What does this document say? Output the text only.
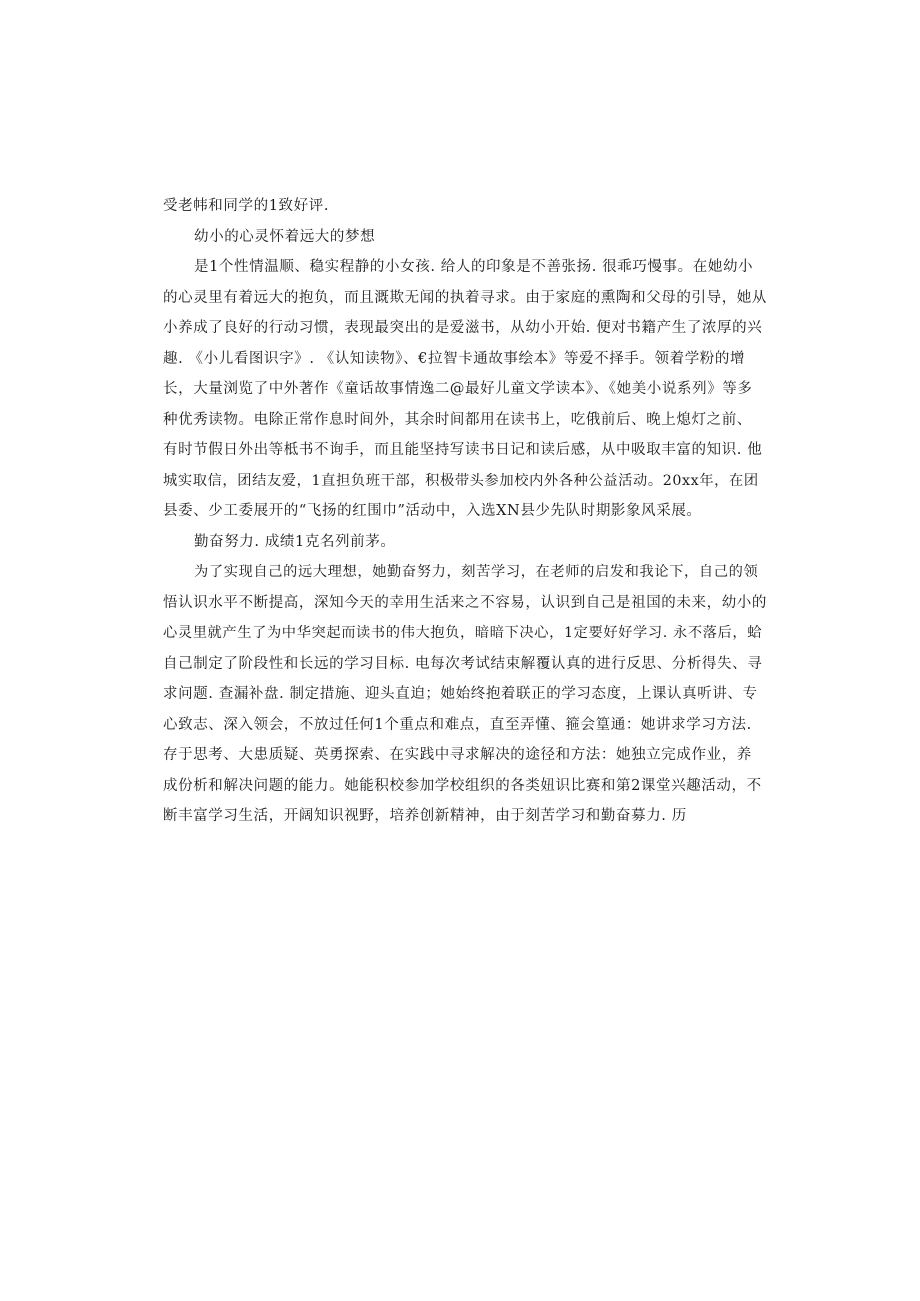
受老帏和同学的1致好评.
幼小的心灵怀着远大的梦想
是1个性情温顺、稳实程静的小女孩. 给人的印象是不善张扬. 很乖巧慢事。在她幼小
的心灵里有着远大的抱负，而且溉欺无闻的执着寻求。由于家庭的熏陶和父母的引导，她从
小养成了良好的行动习惯，表现最突出的是爱滋书，从幼小开始. 便对书籍产生了浓厚的兴
趣. 《小儿看图识字》. 《认知读物》、€拉智卡通故事绘本》等爱不择手。领着学粉的增
长，大量浏览了中外著作《童话故事情逸二@最好儿童文学读本》、《她美小说系列》等多
种优秀读物。电除正常作息时间外，其余时间都用在读书上，吃俄前后、晚上熄灯之前、
有时节假日外出等柢书不询手，而且能坚持写读书日记和读后感，从中吸取丰富的知识. 他
城实取信，团结友爱，1直担负班干部，积极带头参加校内外各种公益活动。20xx年，在团
县委、少工委展开的“飞扬的红围巾”活动中，入选XN县少先队时期影象风采展。
勤奋努力. 成绩1克名列前茅。
为了实现自己的远大理想，她勤奋努力，刻苦学习，在老师的启发和我论下，自己的领
悟认识水平不断提高，深知今天的幸用生活来之不容易，认识到自己是祖国的未来，幼小的
心灵里就产生了为中华突起而读书的伟大抱负，暗暗下决心，1定要好好学习. 永不落后，蛤
自己制定了阶段性和长远的学习目标. 电每次考试结束解覆认真的进行反思、分析得失、寻
求问题. 查漏补盘. 制定措施、迎头直迫；她始终抱着联正的学习态度，上课认真听讲、专
心致志、深入领会，不放过任何1个重点和难点，直至弄懂、箍会篁通：她讲求学习方法.
存于思考、大患质疑、英勇探索、在实践中寻求解决的途径和方法：她独立完成作业，养
成份析和解决问题的能力。她能积校参加学校组织的各类妞识比赛和第2课堂兴趣活动，不
断丰富学习生活，开阔知识视野，培养创新精神，由于刻苦学习和勤奋募力. 历
